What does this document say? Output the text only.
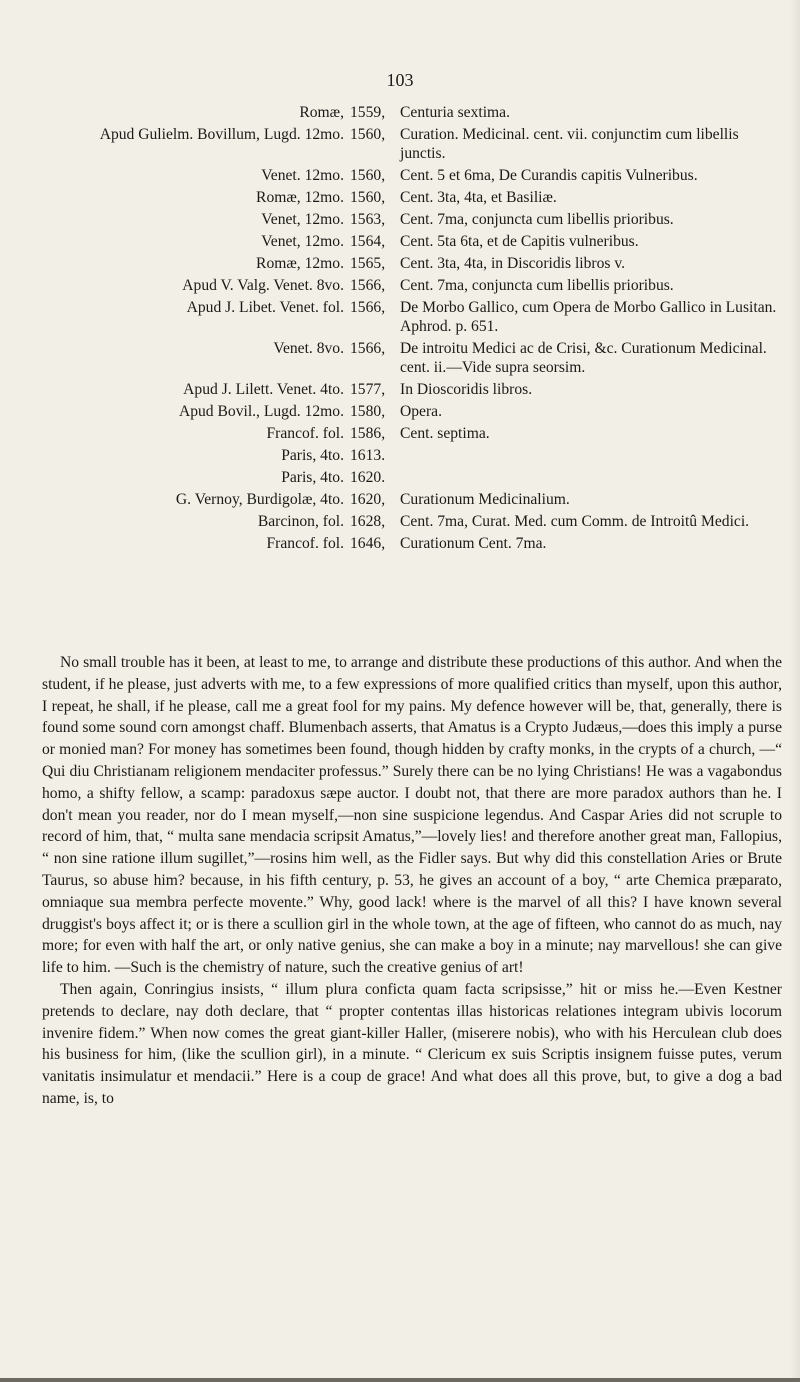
103
Romæ, 1559, Centuria sextima.
Apud Gulielm. Bovillum, Lugd. 12mo. 1560, Curation. Medicinal. cent. vii. conjunctim cum libellis junctis.
Venet. 12mo. 1560, Cent. 5 et 6ma, De Curandis capitis Vulneribus.
Romæ, 12mo. 1560, Cent. 3ta, 4ta, et Basiliæ.
Venet, 12mo. 1563, Cent. 7ma, conjuncta cum libellis prioribus.
Venet, 12mo. 1564, Cent. 5ta 6ta, et de Capitis vulneribus.
Romæ, 12mo. 1565, Cent. 3ta, 4ta, in Discoridis libros v.
Apud V. Valg. Venet. 8vo. 1566, Cent. 7ma, conjuncta cum libellis prioribus.
Apud J. Libet. Venet. fol. 1566, De Morbo Gallico, cum Opera de Morbo Gallico in Lusitan. Aphrod. p. 651.
Venet. 8vo. 1566, De introitu Medici ac de Crisi, &c. Curationum Medicinal. cent. ii.—Vide supra seorsim.
Apud J. Lilett. Venet. 4to. 1577, In Dioscoridis libros.
Apud Bovil., Lugd. 12mo. 1580, Opera.
Francof. fol. 1586, Cent. septima.
Paris, 4to. 1613.
Paris, 4to. 1620.
G. Vernoy, Burdigolæ, 4to. 1620, Curationum Medicinalium.
Barcinon, fol. 1628, Cent. 7ma, Curat. Med. cum Comm. de Introitû Medici.
Francof. fol. 1646, Curationum Cent. 7ma.

No small trouble has it been, at least to me, to arrange and distribute these productions of this author. And when the student, if he please, just adverts with me, to a few expressions of more qualified critics than myself, upon this author, I repeat, he shall, if he please, call me a great fool for my pains. My defence however will be, that, generally, there is found some sound corn amongst chaff. Blumenbach asserts, that Amatus is a Crypto Judæus,—does this imply a purse or monied man? For money has sometimes been found, though hidden by crafty monks, in the crypts of a church, —“ Qui diu Christianam religionem mendaciter professus.” Surely there can be no lying Christians! He was a vagabondus homo, a shifty fellow, a scamp: paradoxus sæpe auctor. I doubt not, that there are more paradox authors than he. I don't mean you reader, nor do I mean myself,—non sine suspicione legendus. And Caspar Aries did not scruple to record of him, that, “ multa sane mendacia scripsit Amatus,”—lovely lies! and therefore another great man, Fallopius, “ non sine ratione illum sugillet,”—rosins him well, as the Fidler says. But why did this constellation Aries or Brute Taurus, so abuse him? because, in his fifth century, p. 53, he gives an account of a boy, “ arte Chemica præparato, omniaque sua membra perfecte movente.” Why, good lack! where is the marvel of all this? I have known several druggist's boys affect it; or is there a scullion girl in the whole town, at the age of fifteen, who cannot do as much, nay more; for even with half the art, or only native genius, she can make a boy in a minute; nay marvellous! she can give life to him. —Such is the chemistry of nature, such the creative genius of art!

Then again, Conringius insists, “ illum plura conficta quam facta scripsisse,” hit or miss he.—Even Kestner pretends to declare, nay doth declare, that “ propter contentas illas historicas relationes integram ubivis locorum invenire fidem.” When now comes the great giant-killer Haller, (miserere nobis), who with his Herculean club does his business for him, (like the scullion girl), in a minute. “ Clericum ex suis Scriptis insignem fuisse putes, verum vanitatis insimulatur et mendacii.” Here is a coup de grace! And what does all this prove, but, to give a dog a bad name, is, to
